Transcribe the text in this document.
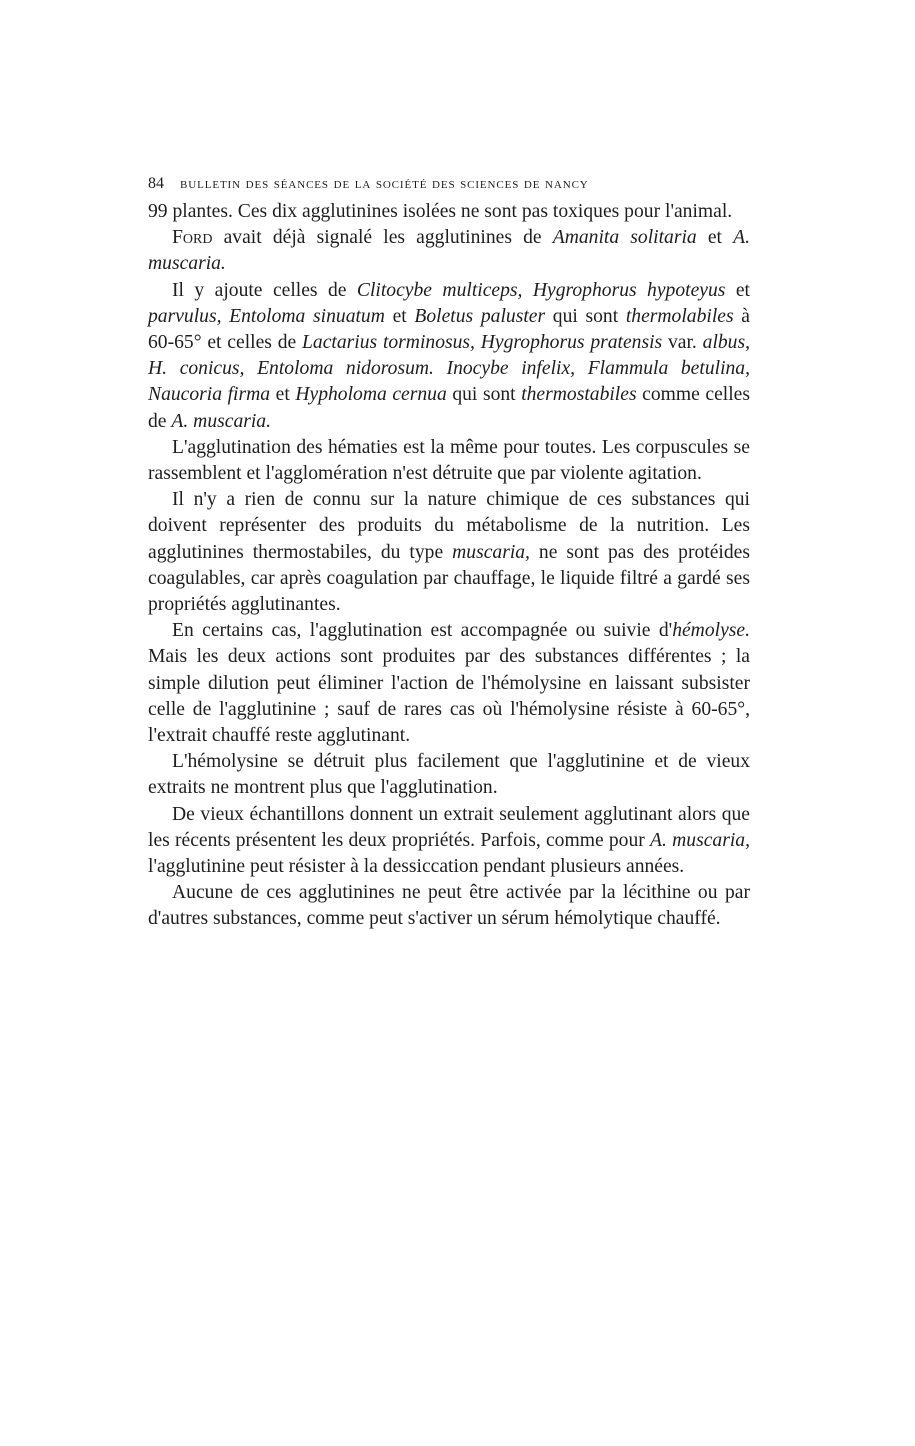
84 bulletin des séances de la société des sciences de nancy

99 plantes. Ces dix agglutinines isolées ne sont pas toxiques pour l'animal.

Ford avait déjà signalé les agglutinines de Amanita solitaria et A. muscaria.

Il y ajoute celles de Clitocybe multiceps, Hygrophorus hypoteyus et parvulus, Entoloma sinuatum et Boletus paluster qui sont thermolabiles à 60-65° et celles de Lactarius torminosus, Hygrophorus pratensis var. albus, H. conicus, Entoloma nidorosum. Inocybe infelix, Flammula betulina, Naucoria firma et Hypholoma cernua qui sont thermostabiles comme celles de A. muscaria.

L'agglutination des hématies est la même pour toutes. Les corpuscules se rassemblent et l'agglomération n'est détruite que par violente agitation.

Il n'y a rien de connu sur la nature chimique de ces substances qui doivent représenter des produits du métabolisme de la nutrition. Les agglutinines thermostabiles, du type muscaria, ne sont pas des protéides coagulables, car après coagulation par chauffage, le liquide filtré a gardé ses propriétés agglutinantes.

En certains cas, l'agglutination est accompagnée ou suivie d'hémolyse. Mais les deux actions sont produites par des substances différentes ; la simple dilution peut éliminer l'action de l'hémolysine en laissant subsister celle de l'agglutinine ; sauf de rares cas où l'hémolysine résiste à 60-65°, l'extrait chauffé reste agglutinant.

L'hémolysine se détruit plus facilement que l'agglutinine et de vieux extraits ne montrent plus que l'agglutination.

De vieux échantillons donnent un extrait seulement agglutinant alors que les récents présentent les deux propriétés. Parfois, comme pour A. muscaria, l'agglutinine peut résister à la dessiccation pendant plusieurs années.

Aucune de ces agglutinines ne peut être activée par la lécithine ou par d'autres substances, comme peut s'activer un sérum hémolytique chauffé.
